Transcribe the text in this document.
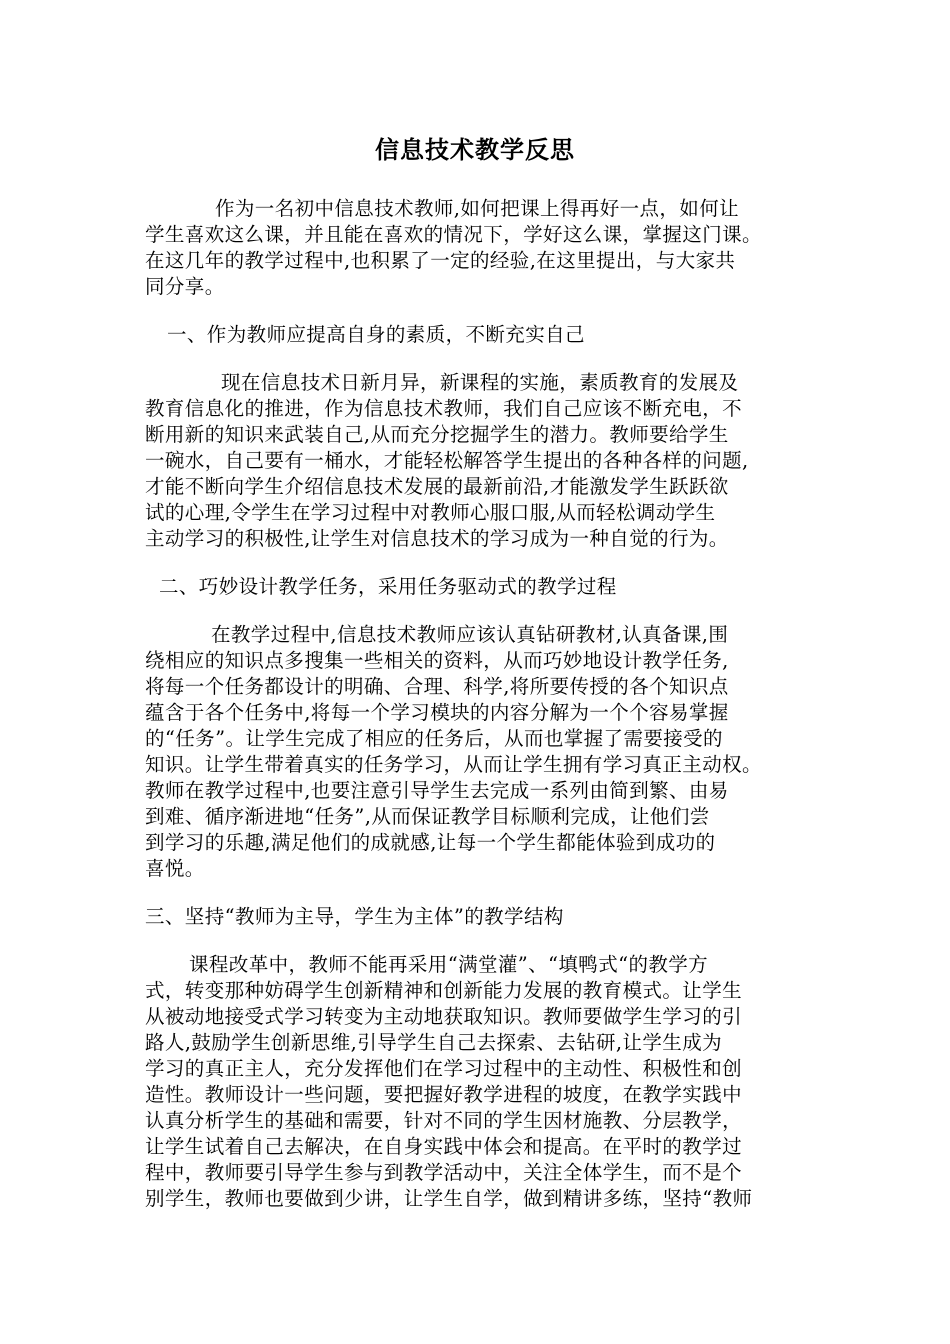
信息技术教学反思
作为一名初中信息技术教师,如何把课上得再好一点，如何让
学生喜欢这么课，并且能在喜欢的情况下，学好这么课，掌握这门课。
在这几年的教学过程中,也积累了一定的经验,在这里提出，与大家共
同分享。
一、作为教师应提高自身的素质，不断充实自己
现在信息技术日新月异，新课程的实施，素质教育的发展及
教育信息化的推进，作为信息技术教师，我们自己应该不断充电，不
断用新的知识来武装自己,从而充分挖掘学生的潜力。教师要给学生
一碗水，自己要有一桶水，才能轻松解答学生提出的各种各样的问题,
才能不断向学生介绍信息技术发展的最新前沿,才能激发学生跃跃欲
试的心理,令学生在学习过程中对教师心服口服,从而轻松调动学生
主动学习的积极性,让学生对信息技术的学习成为一种自觉的行为。
二、巧妙设计教学任务，采用任务驱动式的教学过程
在教学过程中,信息技术教师应该认真钻研教材,认真备课,围
绕相应的知识点多搜集一些相关的资料，从而巧妙地设计教学任务,
将每一个任务都设计的明确、合理、科学,将所要传授的各个知识点
蕴含于各个任务中,将每一个学习模块的内容分解为一个个容易掌握
的“任务”。让学生完成了相应的任务后，从而也掌握了需要接受的
知识。让学生带着真实的任务学习，从而让学生拥有学习真正主动权。
教师在教学过程中,也要注意引导学生去完成一系列由简到繁、由易
到难、循序渐进地“任务”,从而保证教学目标顺利完成，让他们尝
到学习的乐趣,满足他们的成就感,让每一个学生都能体验到成功的
喜悦。
三、坚持“教师为主导，学生为主体”的教学结构
课程改革中，教师不能再采用“满堂灌”、“填鸭式“的教学方
式，转变那种妨碍学生创新精神和创新能力发展的教育模式。让学生
从被动地接受式学习转变为主动地获取知识。教师要做学生学习的引
路人,鼓励学生创新思维,引导学生自己去探索、去钻研,让学生成为
学习的真正主人，充分发挥他们在学习过程中的主动性、积极性和创
造性。教师设计一些问题，要把握好教学进程的坡度，在教学实践中
认真分析学生的基础和需要，针对不同的学生因材施教、分层教学，
让学生试着自己去解决，在自身实践中体会和提高。在平时的教学过
程中，教师要引导学生参与到教学活动中，关注全体学生，而不是个
别学生，教师也要做到少讲，让学生自学，做到精讲多练，坚持“教师
